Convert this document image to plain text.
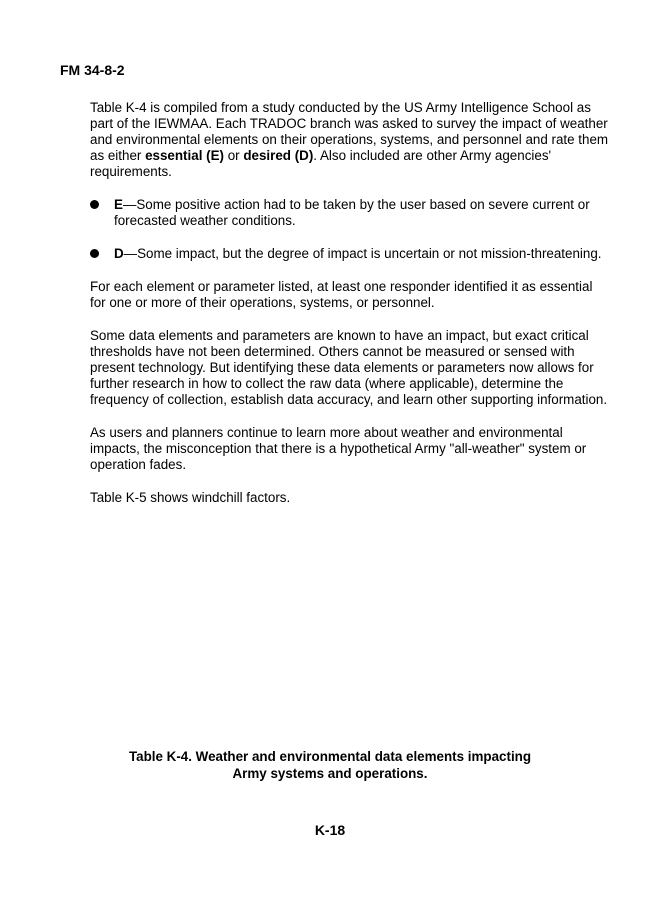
FM 34-8-2

Table K-4 is compiled from a study conducted by the US Army Intelligence School as part of the IEWMAA. Each TRADOC branch was asked to survey the impact of weather and environmental elements on their operations, systems, and personnel and rate them as either essential (E) or desired (D). Also included are other Army agencies' requirements.

E—Some positive action had to be taken by the user based on severe current or forecasted weather conditions.
D—Some impact, but the degree of impact is uncertain or not mission-threatening.

For each element or parameter listed, at least one responder identified it as essential for one or more of their operations, systems, or personnel.

Some data elements and parameters are known to have an impact, but exact critical thresholds have not been determined. Others cannot be measured or sensed with present technology. But identifying these data elements or parameters now allows for further research in how to collect the raw data (where applicable), determine the frequency of collection, establish data accuracy, and learn other supporting information.

As users and planners continue to learn more about weather and environmental impacts, the misconception that there is a hypothetical Army "all-weather" system or operation fades.

Table K-5 shows windchill factors.

Table K-4. Weather and environmental data elements impacting
Army systems and operations.
K-18
